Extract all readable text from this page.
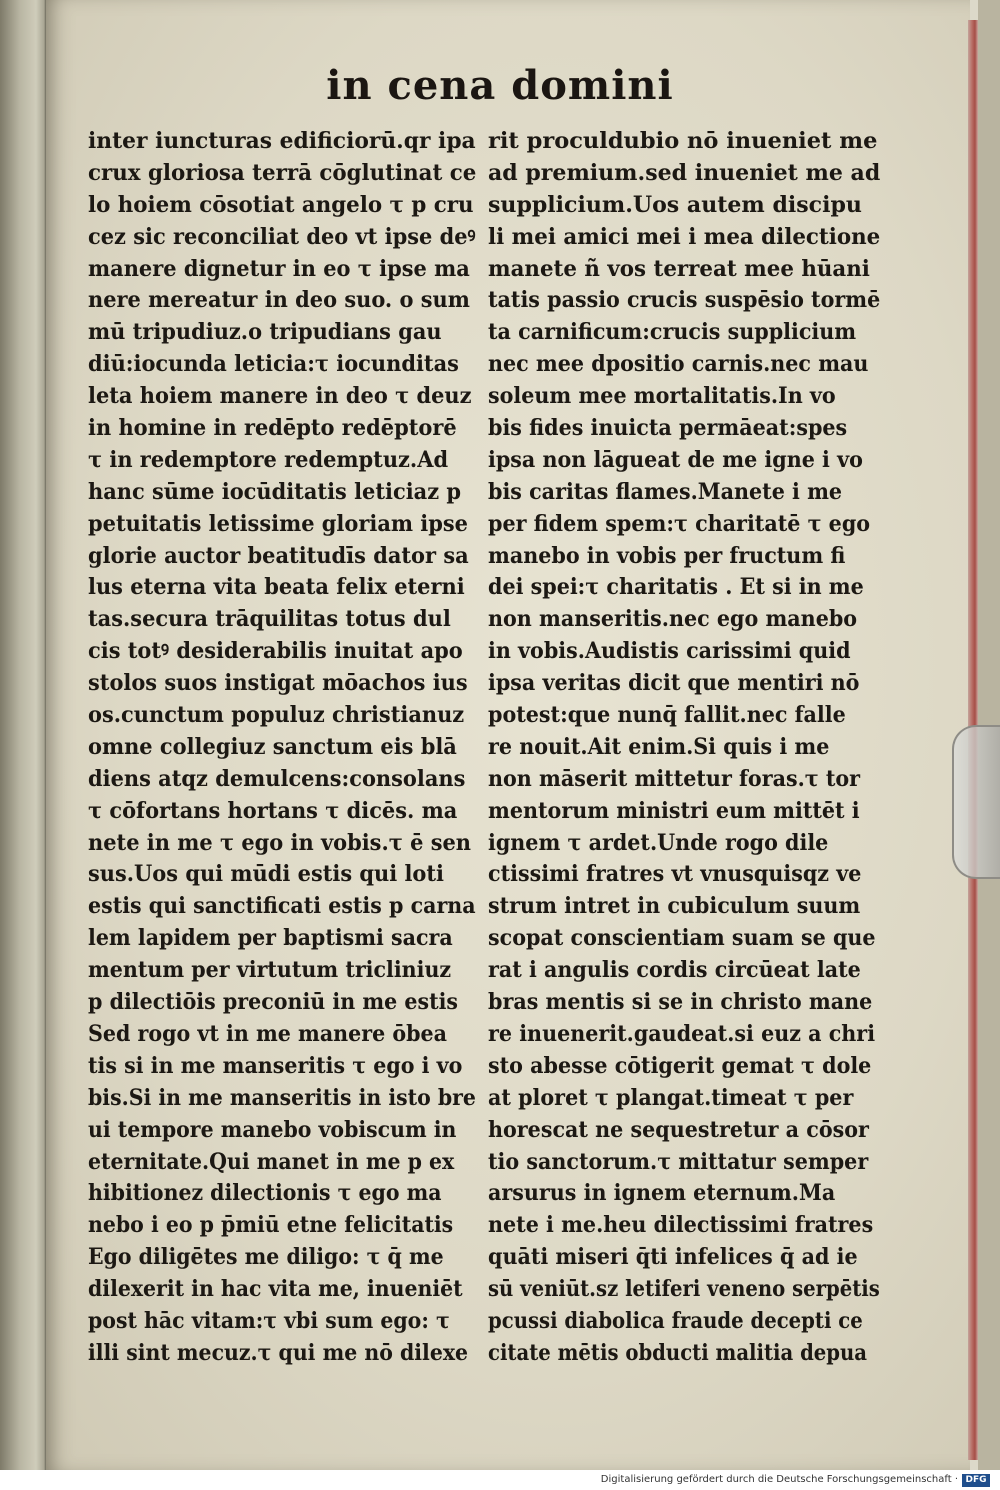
in cena domini
inter iuncturas edificiorū.qr ipa
crux gloriosa terrā cōglutinat ce
lo hoiem cōsotiat angelo τ p cru
cez sic reconciliat deo vt ipse deꝰ
manere dignetur in eo τ ipse ma
nere mereatur in deo suo. o sum
mū tripudiuz.o tripudians gau
diū:iocunda leticia:τ iocunditas
leta hoiem manere in deo τ deuz
in homine in redēpto redēptorē
τ in redemptore redemptuz.Ad
hanc sūme iocūditatis leticiaz p
petuitatis letissime gloriam ipse
glorie auctor beatitudīs dator sa
lus eterna vita beata felix eterni
tas.secura trāquilitas totus dul
cis totꝰ desiderabilis inuitat apo
stolos suos instigat mōachos ius
os.cunctum populuz christianuz
omne collegiuz sanctum eis blā
diens atqz demulcens:consolans
τ cōfortans hortans τ dicēs. ma
nete in me τ ego in vobis.τ ē sen
sus.Uos qui mūdi estis qui loti
estis qui sanctificati estis p carna
lem lapidem per baptismi sacra
mentum per virtutum tricliniuz
p dilectiōis preconiū in me estis
Sed rogo vt in me manere ōbea
tis si in me manseritis τ ego i vo
bis.Si in me manseritis in isto bre
ui tempore manebo vobiscum in
eternitate.Qui manet in me p ex
hibitionez dilectionis τ ego ma
nebo i eo p p̄miū etne felicitatis
Ego diligētes me diligo: τ q̄ me
dilexerit in hac vita me, inueniēt
post hāc vitam:τ vbi sum ego: τ
illi sint mecuz.τ qui me nō dilexe
rit proculdubio nō inueniet me
ad premium.sed inueniet me ad
supplicium.Uos autem discipu
li mei amici mei i mea dilectione
manete ñ vos terreat mee hūani
tatis passio crucis suspēsio tormē
ta carnificum:crucis supplicium
nec mee dpositio carnis.nec mau
soleum mee mortalitatis.In vo
bis fides inuicta permāeat:spes
ipsa non lāgueat de me igne i vo
bis caritas flames.Manete i me
per fidem spem:τ charitatē τ ego
manebo in vobis per fructum fi
dei spei:τ charitatis . Et si in me
non manseritis.nec ego manebo
in vobis.Audistis carissimi quid
ipsa veritas dicit que mentiri nō
potest:que nunq̄ fallit.nec falle
re nouit.Ait enim.Si quis i me
non māserit mittetur foras.τ tor
mentorum ministri eum mittēt i
ignem τ ardet.Unde rogo dile
ctissimi fratres vt vnusquisqz ve
strum intret in cubiculum suum
scopat conscientiam suam se que
rat i angulis cordis circūeat late
bras mentis si se in christo mane
re inuenerit.gaudeat.si euz a chri
sto abesse cōtigerit gemat τ dole
at ploret τ plangat.timeat τ per
horescat ne sequestretur a cōsor
tio sanctorum.τ mittatur semper
arsurus in ignem eternum.Ma
nete i me.heu dilectissimi fratres
quāti miseri q̄ti infelices q̄ ad ie
sū veniūt.sz letiferi veneno serpētis
pcussi diabolica fraude decepti ce
citate mētis obducti malitia depua
Digitalisierung gefördert durch die Deutsche Forschungsgemeinschaft · DFG
